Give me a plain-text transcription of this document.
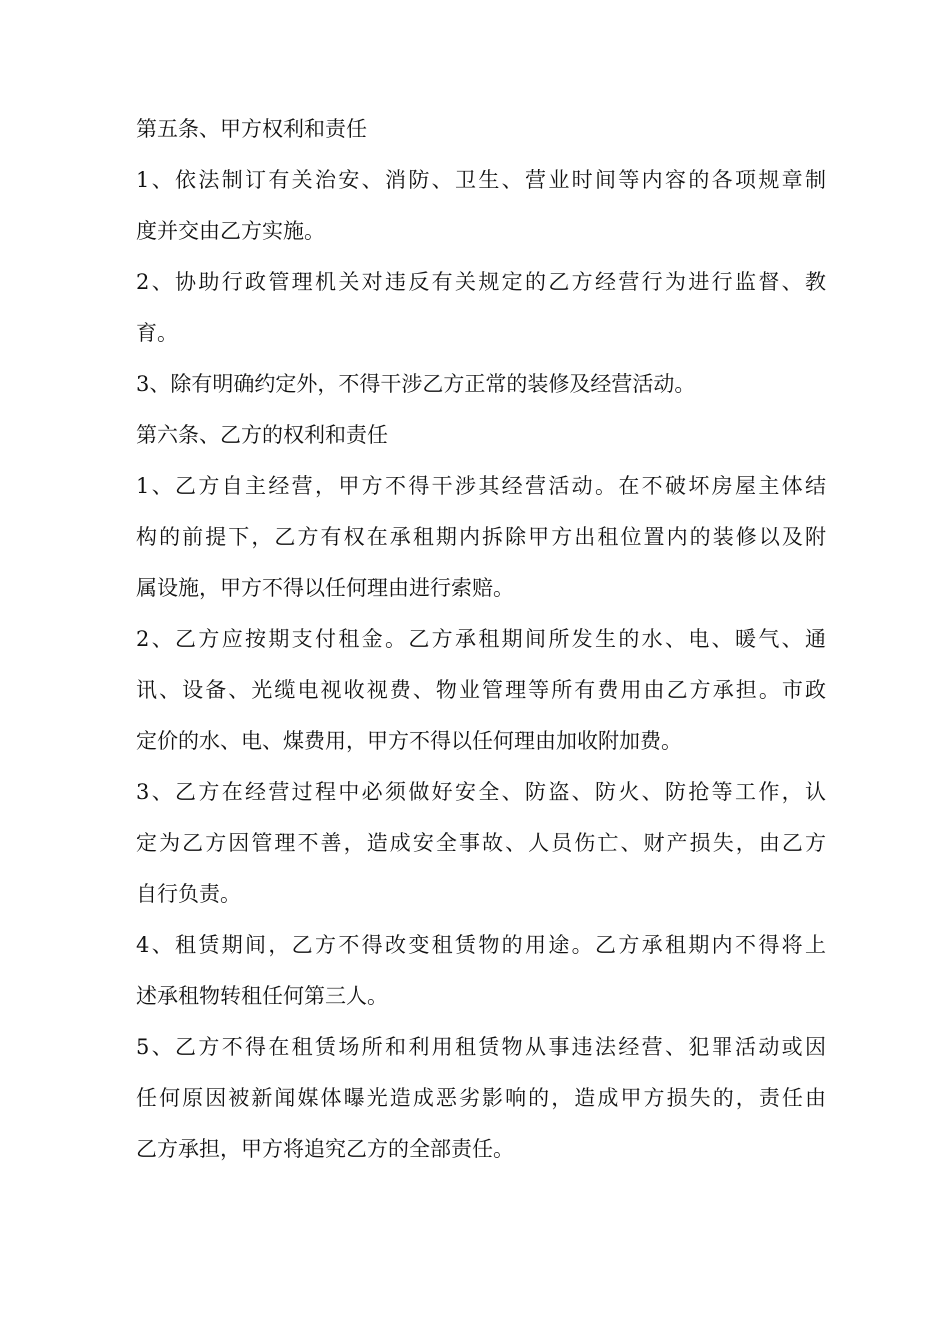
第五条、甲方权利和责任
1、依法制订有关治安、消防、卫生、营业时间等内容的各项规章制
度并交由乙方实施。
2、协助行政管理机关对违反有关规定的乙方经营行为进行监督、教
育。
3、除有明确约定外，不得干涉乙方正常的装修及经营活动。
第六条、乙方的权利和责任
1、乙方自主经营，甲方不得干涉其经营活动。在不破坏房屋主体结
构的前提下，乙方有权在承租期内拆除甲方出租位置内的装修以及附
属设施，甲方不得以任何理由进行索赔。
2、乙方应按期支付租金。乙方承租期间所发生的水、电、暖气、通
讯、设备、光缆电视收视费、物业管理等所有费用由乙方承担。市政
定价的水、电、煤费用，甲方不得以任何理由加收附加费。
3、乙方在经营过程中必须做好安全、防盗、防火、防抢等工作，认
定为乙方因管理不善，造成安全事故、人员伤亡、财产损失，由乙方
自行负责。
4、租赁期间，乙方不得改变租赁物的用途。乙方承租期内不得将上
述承租物转租任何第三人。
5、乙方不得在租赁场所和利用租赁物从事违法经营、犯罪活动或因
任何原因被新闻媒体曝光造成恶劣影响的，造成甲方损失的，责任由
乙方承担，甲方将追究乙方的全部责任。
